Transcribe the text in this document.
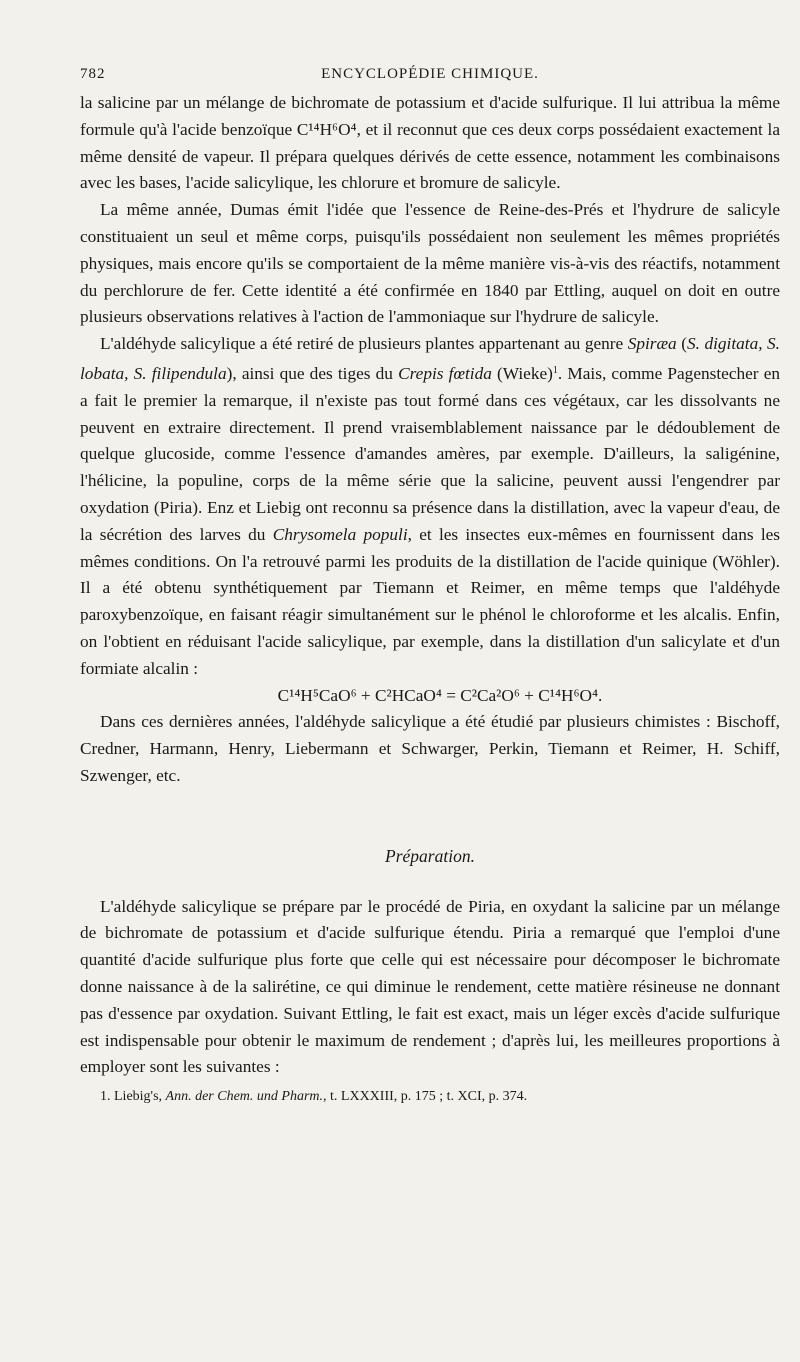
782	ENCYCLOPÉDIE CHIMIQUE.

la salicine par un mélange de bichromate de potassium et d'acide sulfurique. Il lui attribua la même formule qu'à l'acide benzoïque C¹⁴H⁶O⁴, et il reconnut que ces deux corps possédaient exactement la même densité de vapeur. Il prépara quelques dérivés de cette essence, notamment les combinaisons avec les bases, l'acide salicylique, les chlorure et bromure de salicyle.

La même année, Dumas émit l'idée que l'essence de Reine-des-Prés et l'hydrure de salicyle constituaient un seul et même corps, puisqu'ils possédaient non seulement les mêmes propriétés physiques, mais encore qu'ils se comportaient de la même manière vis-à-vis des réactifs, notamment du perchlorure de fer. Cette identité a été confirmée en 1840 par Ettling, auquel on doit en outre plusieurs observations relatives à l'action de l'ammoniaque sur l'hydrure de salicyle.

L'aldéhyde salicylique a été retiré de plusieurs plantes appartenant au genre Spiræa (S. digitata, S. lobata, S. filipendula), ainsi que des tiges du Crepis fœtida (Wieke)$^1$. Mais, comme Pagenstecher en a fait le premier la remarque, il n'existe pas tout formé dans ces végétaux, car les dissolvants ne peuvent en extraire directement. Il prend vraisemblablement naissance par le dédoublement de quelque glucoside, comme l'essence d'amandes amères, par exemple. D'ailleurs, la saligénine, l'hélicine, la populine, corps de la même série que la salicine, peuvent aussi l'engendrer par oxydation (Piria). Enz et Liebig ont reconnu sa présence dans la distillation, avec la vapeur d'eau, de la sécrétion des larves du Chrysomela populi, et les insectes eux-mêmes en fournissent dans les mêmes conditions. On l'a retrouvé parmi les produits de la distillation de l'acide quinique (Wöhler). Il a été obtenu synthétiquement par Tiemann et Reimer, en même temps que l'aldéhyde paroxybenzoïque, en faisant réagir simultanément sur le phénol le chloroforme et les alcalis. Enfin, on l'obtient en réduisant l'acide salicylique, par exemple, dans la distillation d'un salicylate et d'un formiate alcalin :

C¹⁴H⁵CaO⁶ + C²HCaO⁴ = C²Ca²O⁶ + C¹⁴H⁶O⁴.

Dans ces dernières années, l'aldéhyde salicylique a été étudié par plusieurs chimistes : Bischoff, Credner, Harmann, Henry, Liebermann et Schwarger, Perkin, Tiemann et Reimer, H. Schiff, Szwenger, etc.

Préparation.

L'aldéhyde salicylique se prépare par le procédé de Piria, en oxydant la salicine par un mélange de bichromate de potassium et d'acide sulfurique étendu. Piria a remarqué que l'emploi d'une quantité d'acide sulfurique plus forte que celle qui est nécessaire pour décomposer le bichromate donne naissance à de la salirétine, ce qui diminue le rendement, cette matière résineuse ne donnant pas d'essence par oxydation. Suivant Ettling, le fait est exact, mais un léger excès d'acide sulfurique est indispensable pour obtenir le maximum de rendement ; d'après lui, les meilleures proportions à employer sont les suivantes :

1. Liebig's, Ann. der Chem. und Pharm., t. LXXXIII, p. 175 ; t. XCI, p. 374.
